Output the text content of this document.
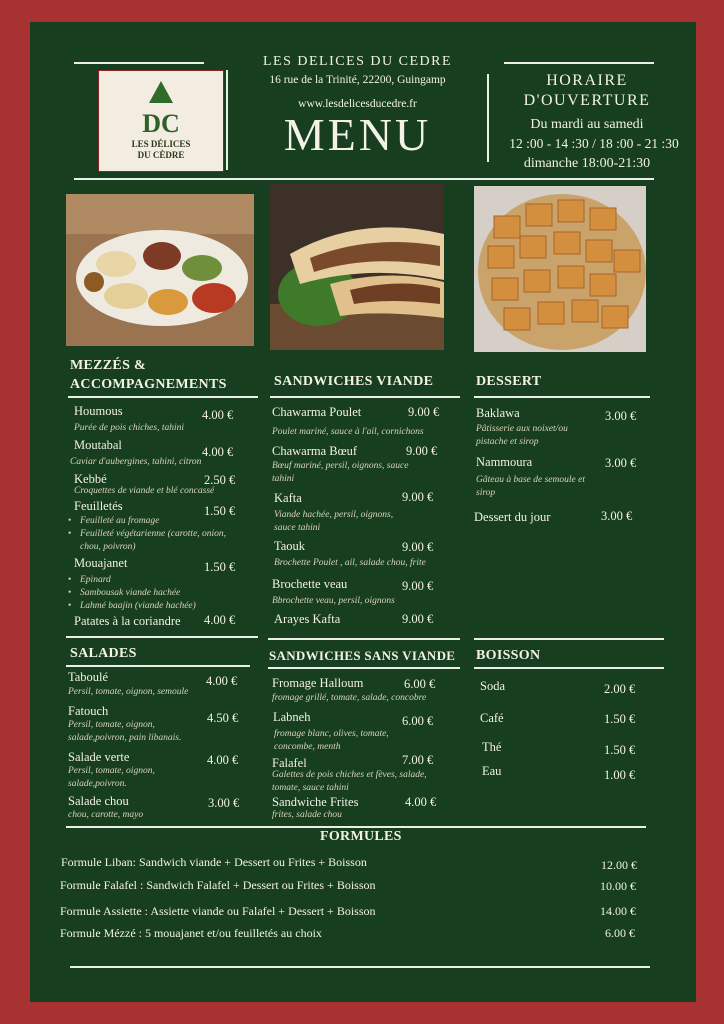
DC
LES DÉLICES
DU CÈDRE
LES DELICES DU CEDRE
16 rue de la Trinité, 22200, Guingamp
www.lesdelicesducedre.fr
MENU
HORAIRE
D'OUVERTURE
Du mardi au samedi
12 :00 - 14 :30 / 18 :00 - 21 :30
dimanche 18:00-21:30
MEZZÉS &
ACCOMPAGNEMENTS
Houmous	4.00 €
Purée de pois chiches, tahini
Moutabal	4.00 €
Caviar d'aubergines, tahini, citron
Kebbé	2.50 €
Croquettes de viande et blé concassé
Feuilletés	1.50 €
• Feuilleté au fromage
• Feuilleté végétarienne (carotte, onion, chou, poivron)
Mouajanet	1.50 €
• Epinard
• Sambousak viande hachée
• Lahmé baajin (viande hachée)
Patates à la coriandre 4.00 €
SANDWICHES VIANDE
Chawarma Poulet	9.00 €
Poulet mariné, sauce à l'ail, cornichons
Chawarma Bœuf	9.00 €
Bœuf mariné, persil, oignons, sauce tahini
Kafta	9.00 €
Viande hachée, persil, oignons, sauce tahini
Taouk	9.00 €
Brochette Poulet , ail, salade chou, frite
Brochette veau	9.00 €
Bbrochette veau, persil, oignons
Arayes Kafta	9.00 €
DESSERT
Baklawa	3.00 €
Pâtisserie aux noixet/ou pistache et sirop
Nammoura	3.00 €
Gâteau à base de semoule et sirop
Dessert du jour	3.00 €
SALADES
Taboulé	4.00 €
Persil, tomate, oignon, semoule
Fatouch	4.50 €
Persil, tomate, oignon, salade,poivron, pain libanais.
Salade verte	4.00 €
Persil, tomate, oignon, salade,poivron.
Salade chou	3.00 €
chou, carotte, mayo
SANDWICHES SANS VIANDE
Fromage Halloum	6.00 €
fromage grillé, tomate, salade, concobre
Labneh	6.00 €
fromage blanc, olives, tomate, concombe, menth
Falafel	7.00 €
Galettes de pois chiches et fèves, salade, tomate, sauce tahini
Sandwiche Frites	4.00 €
frites, salade chou
BOISSON
Soda	2.00 €
Café	1.50 €
Thé	1.50 €
Eau	1.00 €
FORMULES
Formule Liban: Sandwich viande + Dessert ou Frites + Boisson	12.00 €
Formule Falafel : Sandwich Falafel + Dessert ou Frites + Boisson	10.00 €
Formule Assiette : Assiette viande ou Falafel + Dessert + Boisson	14.00 €
Formule Mézzé : 5 mouajanet et/ou feuilletés au choix	6.00 €
